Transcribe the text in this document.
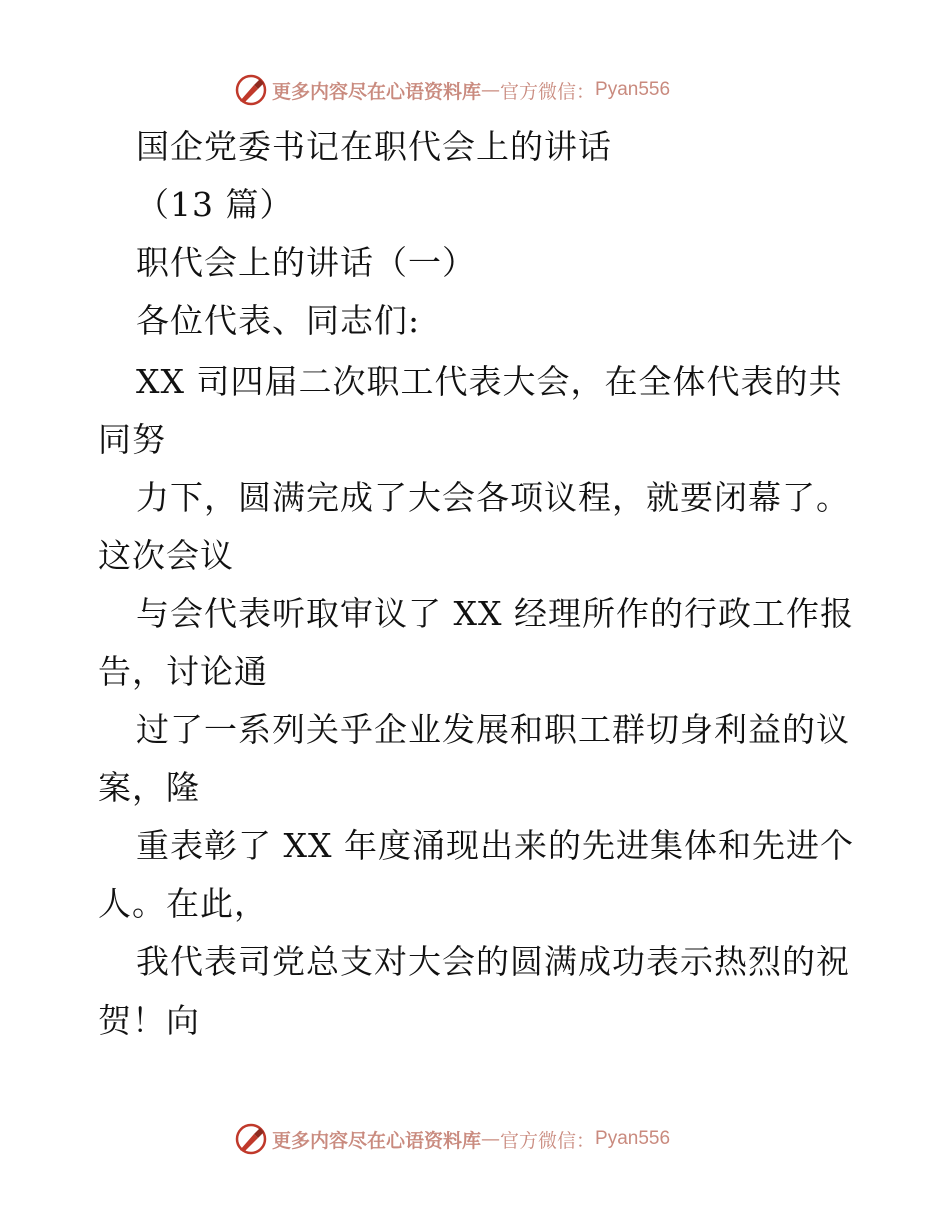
更多内容尽在心语资料库 — 官方微信： Pyan556
国企党委书记在职代会上的讲话
（13 篇）
职代会上的讲话（一）
各位代表、同志们:
XX 司四届二次职工代表大会，在全体代表的共
同努
力下，圆满完成了大会各项议程，就要闭幕了。
这次会议
与会代表听取审议了 XX 经理所作的行政工作报
告，讨论通
过了一系列关乎企业发展和职工群切身利益的议
案，隆
重表彰了 XX 年度涌现出来的先进集体和先进个
人。在此，
我代表司党总支对大会的圆满成功表示热烈的祝
贺！向
更多内容尽在心语资料库 — 官方微信： Pyan556
